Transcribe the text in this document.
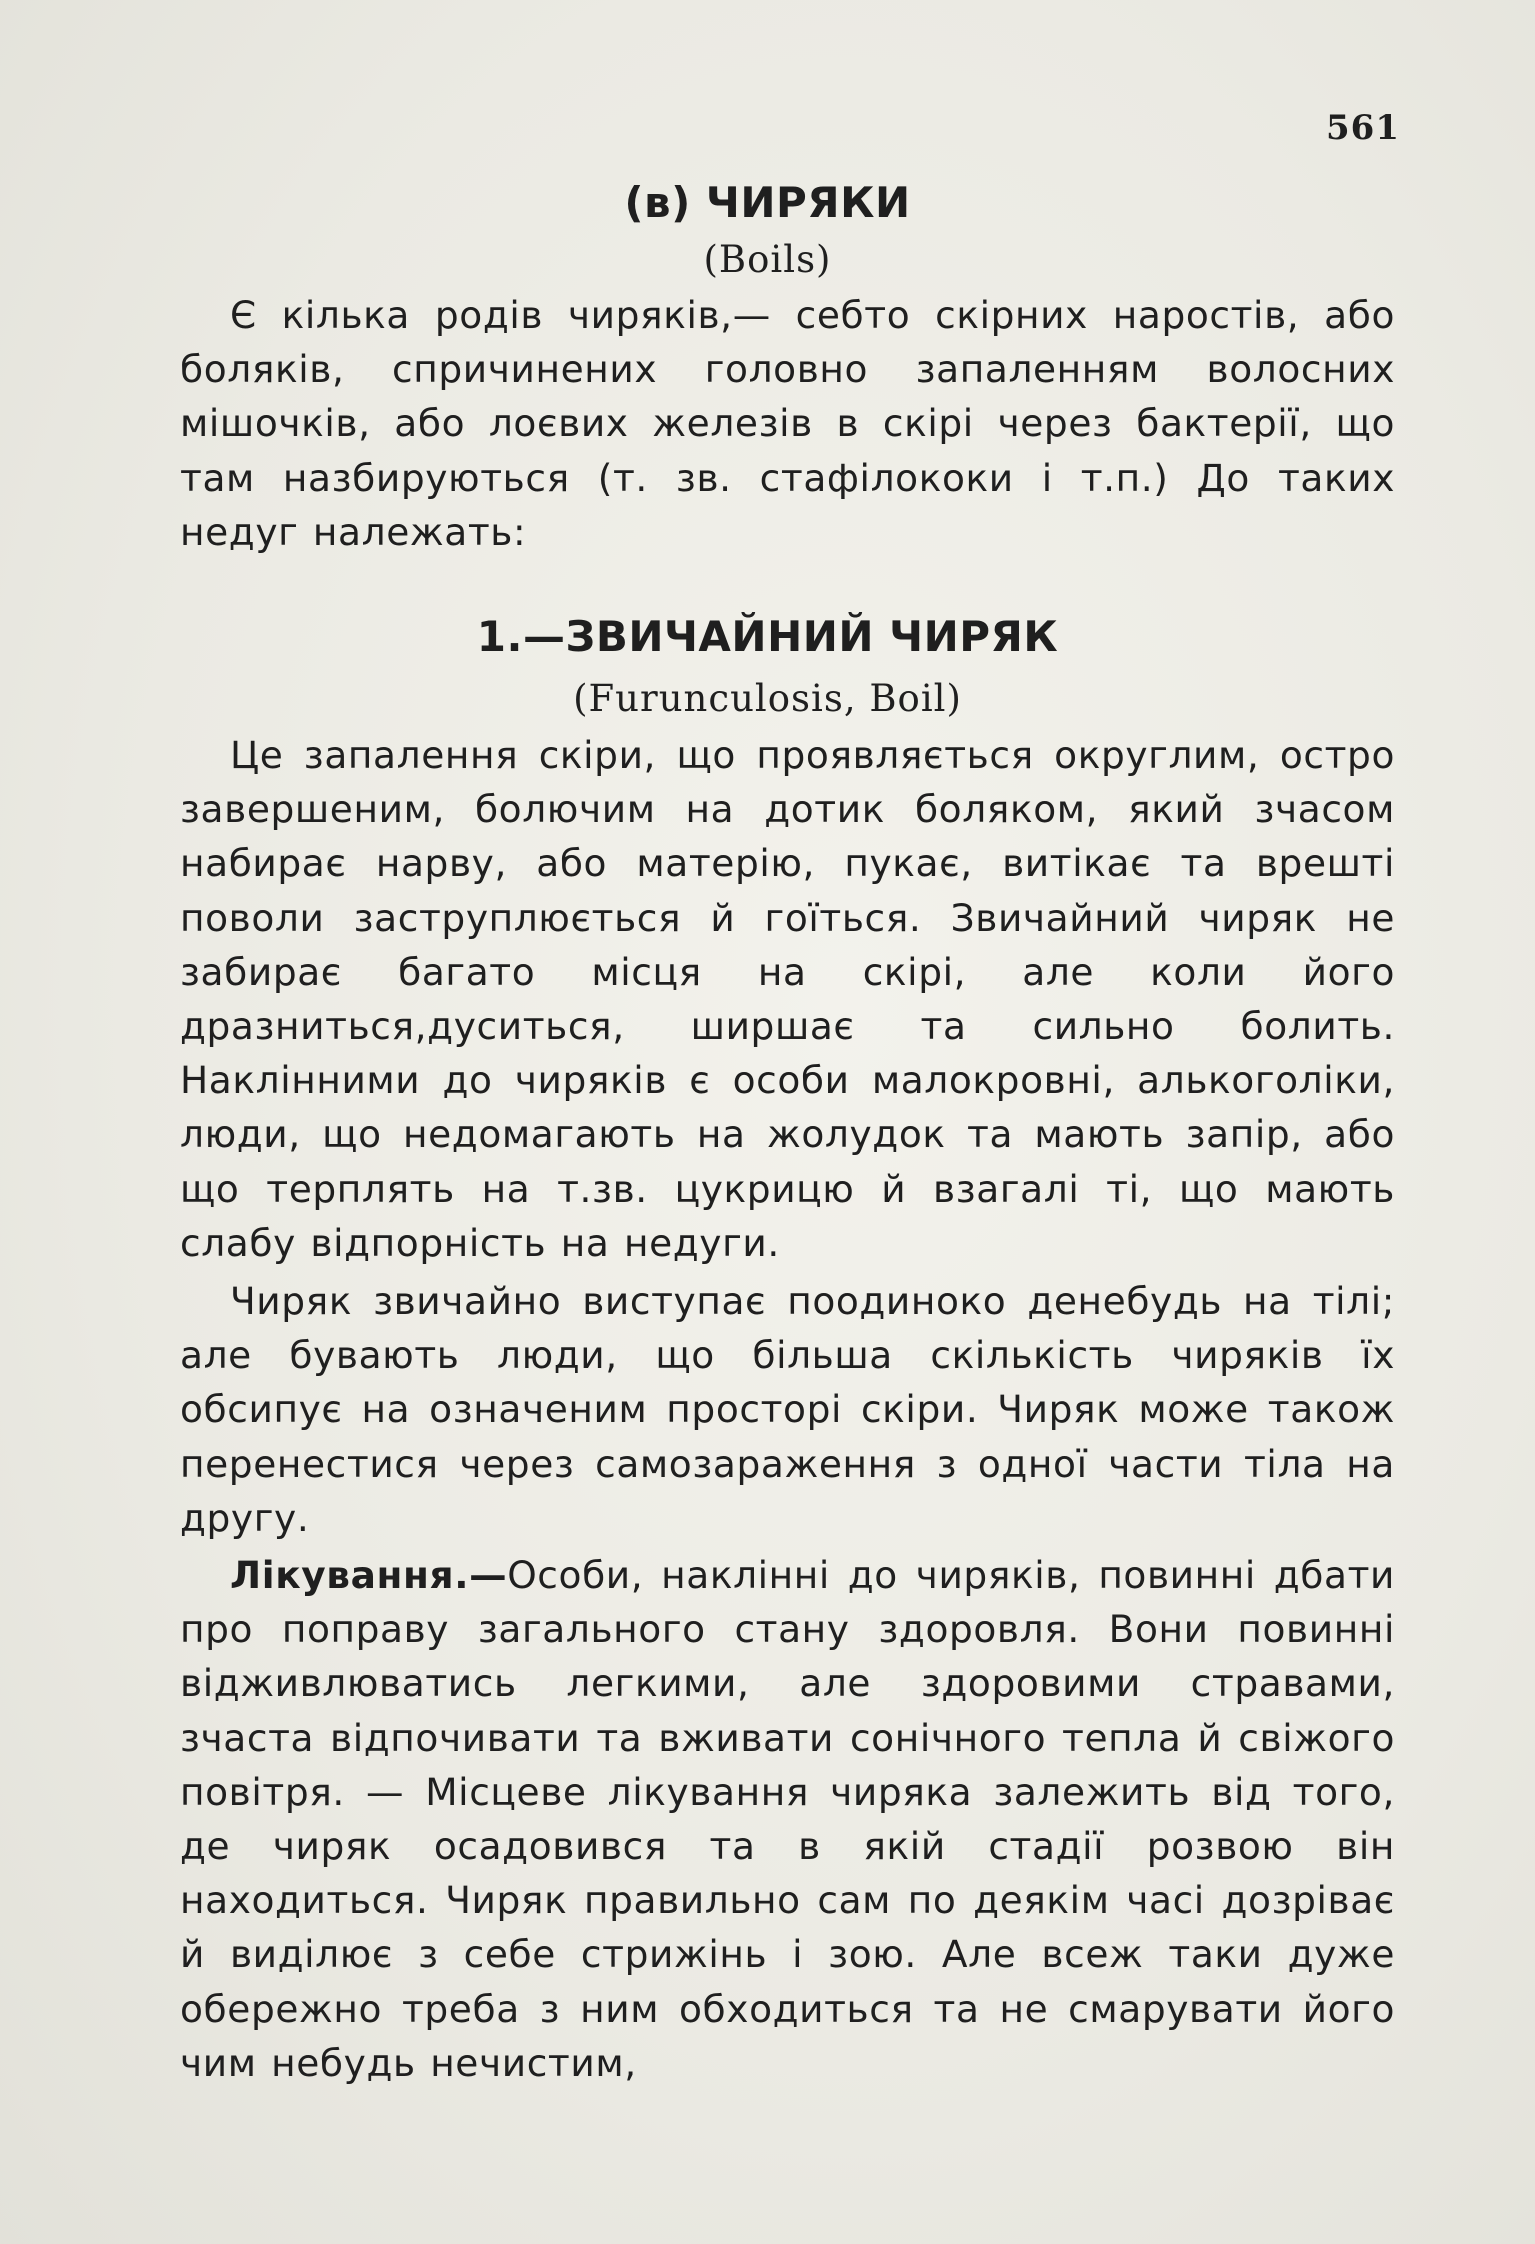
561
(в) ЧИРЯКИ
(Boils)
Є кілька родів чиряків,— себто скірних наростів, або боляків, спричинених головно запаленням волосних мішочків, або лоєвих железів в скірі через бактерії, що там назбируються (т. зв. стафілококи і т.п.) До таких недуг належать:
1.—ЗВИЧАЙНИЙ ЧИРЯК
(Furunculosis, Boil)
Це запалення скіри, що проявляється округлим, остро завершеним, болючим на дотик боляком, який зчасом набирає нарву, або матерію, пукає, витікає та врешті поволи заструплюється й гоїться. Звичайний чиряк не забирає багато місця на скірі, але коли його дразниться,дуситься, ширшає та сильно болить. Наклінними до чиряків є особи малокровні, алькоголіки, люди, що недомагають на жолудок та мають запір, або що терплять на т.зв. цукрицю й взагалі ті, що мають слабу відпорність на недуги.
Чиряк звичайно виступає поодиноко денебудь на тілі; але бувають люди, що більша скількість чиряків їх обсипує на означеним просторі скіри. Чиряк може також перенестися через самозараження з одної части тіла на другу.
Лікування.—Особи, наклінні до чиряків, повинні дбати про поправу загального стану здоровля. Вони повинні відживлюватись легкими, але здоровими стравами, зчаста відпочивати та вживати сонічного тепла й свіжого повітря. — Місцеве лікування чиряка залежить від того, де чиряк осадовився та в якій стадії розвою він находиться. Чиряк правильно сам по деякім часі дозріває й виділює з себе стрижінь і зою. Але всеж таки дуже обережно треба з ним обходиться та не смарувати його чим небудь нечистим,
